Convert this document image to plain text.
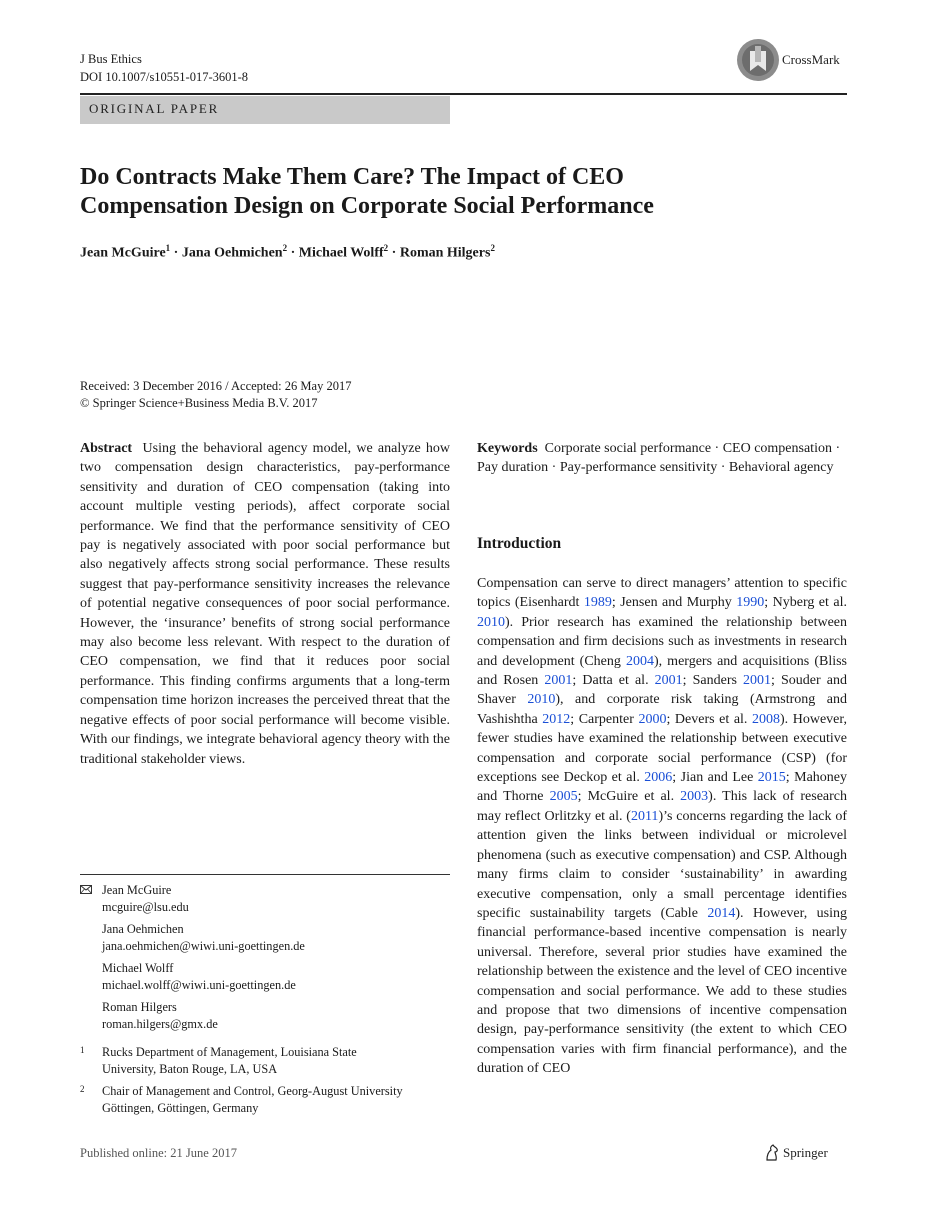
J Bus Ethics
DOI 10.1007/s10551-017-3601-8
CrossMark
ORIGINAL PAPER
Do Contracts Make Them Care? The Impact of CEO
Compensation Design on Corporate Social Performance
Jean McGuire$^1$ · Jana Oehmichen$^2$ · Michael Wolff$^2$ · Roman Hilgers$^2$
Received: 3 December 2016 / Accepted: 26 May 2017
© Springer Science+Business Media B.V. 2017
Abstract Using the behavioral agency model, we analyze how two compensation design characteristics, pay-performance sensitivity and duration of CEO compensation (taking into account multiple vesting periods), affect corporate social performance. We find that the performance sensitivity of CEO pay is negatively associated with poor social performance but also negatively affects strong social performance. These results suggest that pay-performance sensitivity increases the relevance of potential negative consequences of poor social performance. However, the ‘insurance’ benefits of strong social performance may also become less relevant. With respect to the duration of CEO compensation, we find that it reduces poor social performance. This finding confirms arguments that a long-term compensation time horizon increases the perceived threat that the negative effects of poor social performance will become visible. With our findings, we integrate behavioral agency theory with the traditional stakeholder views.
Keywords Corporate social performance · CEO compensation · Pay duration · Pay-performance sensitivity · Behavioral agency
Introduction
Compensation can serve to direct managers’ attention to specific topics (Eisenhardt 1989; Jensen and Murphy 1990; Nyberg et al. 2010). Prior research has examined the relationship between compensation and firm decisions such as investments in research and development (Cheng 2004), mergers and acquisitions (Bliss and Rosen 2001; Datta et al. 2001; Sanders 2001; Souder and Shaver 2010), and corporate risk taking (Armstrong and Vashishtha 2012; Carpenter 2000; Devers et al. 2008). However, fewer studies have examined the relationship between executive compensation and corporate social performance (CSP) (for exceptions see Deckop et al. 2006; Jian and Lee 2015; Mahoney and Thorne 2005; McGuire et al. 2003). This lack of research may reflect Orlitzky et al. (2011)’s concerns regarding the lack of attention given the links between individual or microlevel phenomena (such as executive compensation) and CSP. Although many firms claim to consider ‘sustainability’ in awarding executive compensation, only a small percentage identifies specific sustainability targets (Cable 2014). However, using financial performance-based incentive compensation is nearly universal. Therefore, several prior studies have examined the relationship between the existence and the level of CEO incentive compensation and social performance. We add to these studies and propose that two dimensions of incentive compensation design, pay-performance sensitivity (the extent to which CEO compensation varies with firm financial performance), and the duration of CEO
Jean McGuire
mcguire@lsu.edu
Jana Oehmichen
jana.oehmichen@wiwi.uni-goettingen.de
Michael Wolff
michael.wolff@wiwi.uni-goettingen.de
Roman Hilgers
roman.hilgers@gmx.de
1 Rucks Department of Management, Louisiana State
University, Baton Rouge, LA, USA
2 Chair of Management and Control, Georg-August University
Göttingen, Göttingen, Germany
Published online: 21 June 2017	Springer
